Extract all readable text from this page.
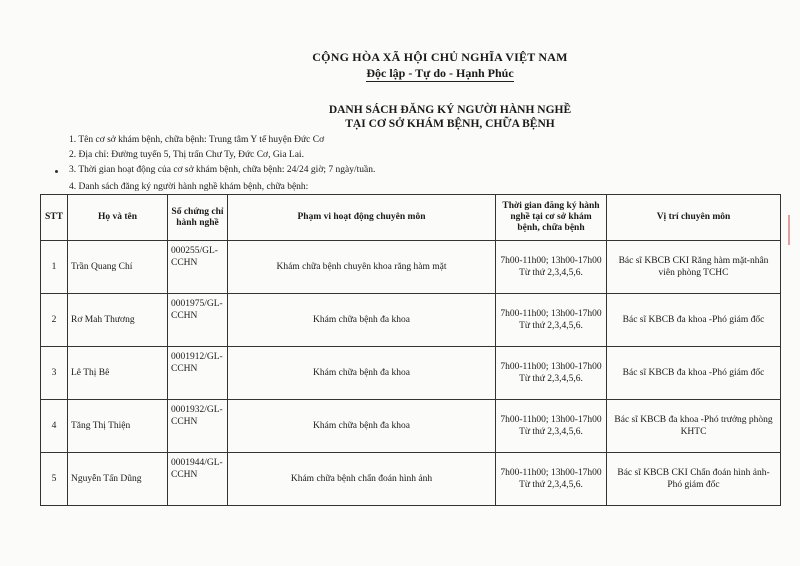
CỘNG HÒA XÃ HỘI CHỦ NGHĨA VIỆT NAM
Độc lập - Tự do - Hạnh Phúc
DANH SÁCH ĐĂNG KÝ NGƯỜI HÀNH NGHỀ
TẠI CƠ SỞ KHÁM BỆNH, CHỮA BỆNH
1. Tên cơ sở khám bệnh, chữa bệnh: Trung tâm Y tế huyện Đức Cơ
2. Địa chỉ: Đường tuyến 5, Thị trấn Chư Ty, Đức Cơ, Gia Lai.
3. Thời gian hoạt động của cơ sở khám bệnh, chữa bệnh: 24/24 giờ; 7 ngày/tuần.
4. Danh sách đăng ký người hành nghề khám bệnh, chữa bệnh:
STT	Họ và tên	Số chứng chỉ hành nghề	Phạm vi hoạt động chuyên môn	Thời gian đăng ký hành nghề tại cơ sở khám bệnh, chữa bệnh	Vị trí chuyên môn
1	Trần Quang Chí	000255/GL-CCHN	Khám chữa bệnh chuyên khoa răng hàm mặt	7h00-11h00; 13h00-17h00 Từ thứ 2,3,4,5,6.	Bác sĩ KBCB CKI Răng hàm mặt-nhân viên phòng TCHC
2	Rơ Mah Thương	0001975/GL-CCHN	Khám chữa bệnh đa khoa	7h00-11h00; 13h00-17h00 Từ thứ 2,3,4,5,6.	Bác sĩ KBCB đa khoa -Phó giám đốc
3	Lê Thị Bê	0001912/GL-CCHN	Khám chữa bệnh đa khoa	7h00-11h00; 13h00-17h00 Từ thứ 2,3,4,5,6.	Bác sĩ KBCB đa khoa -Phó giám đốc
4	Tăng Thị Thiện	0001932/GL-CCHN	Khám chữa bệnh đa khoa	7h00-11h00; 13h00-17h00 Từ thứ 2,3,4,5,6.	Bác sĩ KBCB đa khoa -Phó trưởng phòng KHTC
5	Nguyễn Tấn Dũng	0001944/GL-CCHN	Khám chữa bệnh chẩn đoán hình ảnh	7h00-11h00; 13h00-17h00 Từ thứ 2,3,4,5,6.	Bác sĩ KBCB CKI Chẩn đoán hình ảnh-Phó giám đốc
